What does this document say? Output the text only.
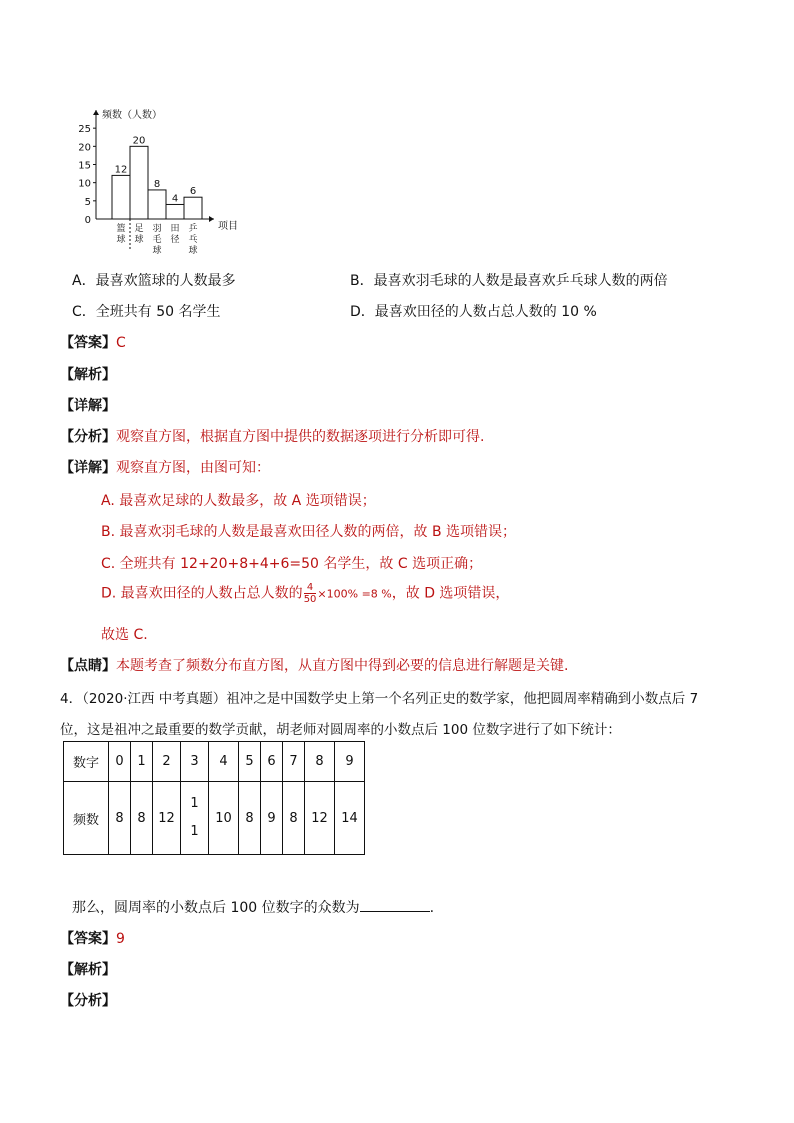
0
5
10
15
20
25
12
20
8
4
6
篮
球
足
球
羽
毛
球
田
径
乒
乓
球
频数（人数）
项目
A．最喜欢篮球的人数最多	B．最喜欢羽毛球的人数是最喜欢乒乓球人数的两倍
C．全班共有 50 名学生	D．最喜欢田径的人数占总人数的 10 %
【答案】C
【解析】
【详解】
【分析】观察直方图，根据直方图中提供的数据逐项进行分析即可得.
【详解】观察直方图，由图可知：
A. 最喜欢足球的人数最多，故 A 选项错误；
B. 最喜欢羽毛球的人数是最喜欢田径人数的两倍，故 B 选项错误；
C. 全班共有 12+20+8+4+6=50 名学生，故 C 选项正确；
D. 最喜欢田径的人数占总人数的 $\frac{4}{50} \times 100\% =8$ %，故 D 选项错误，
故选 C.
【点睛】本题考查了频数分布直方图，从直方图中得到必要的信息进行解题是关键.
4．（2020·江西 中考真题）祖冲之是中国数学史上第一个名列正史的数学家，他把圆周率精确到小数点后 7
位，这是祖冲之最重要的数学贡献，胡老师对圆周率的小数点后 100 位数字进行了如下统计：
数字	0	1	2	3	4	5	6	7	8	9
频数	8	8	12	1
1	10	8	9	8	12	14
那么，圆周率的小数点后 100 位数字的众数为	.
【答案】9
【解析】
【分析】
